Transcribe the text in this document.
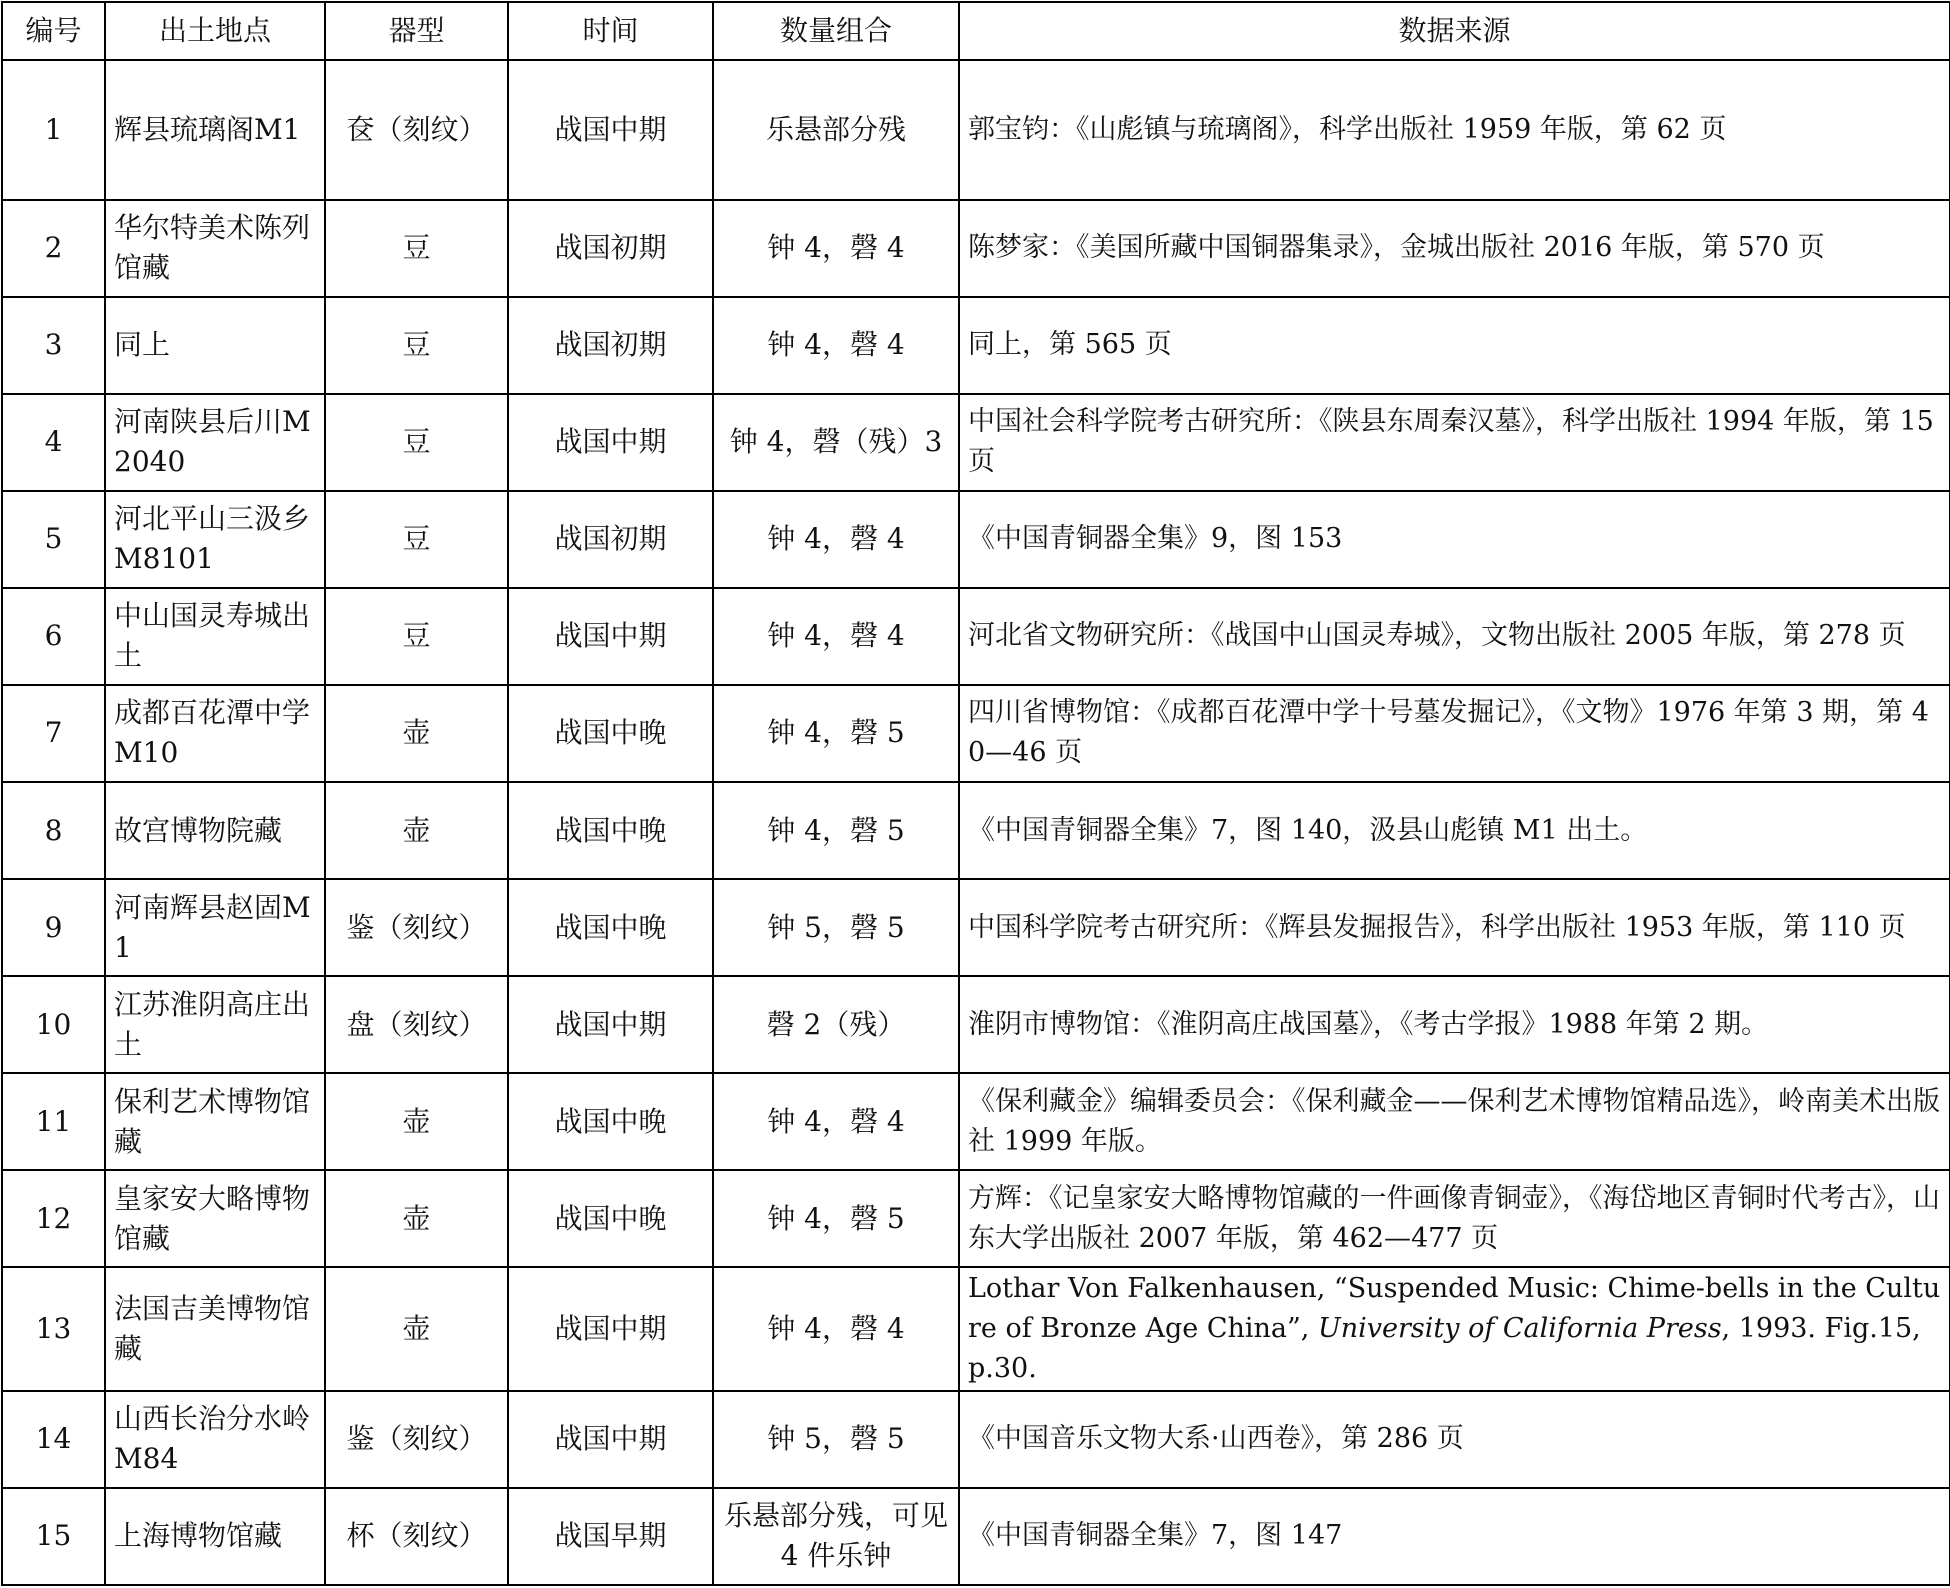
编号	出土地点	器型	时间	数量组合	数据来源
1	辉县琉璃阁M1	奁（刻纹）	战国中期	乐悬部分残	郭宝钧：《山彪镇与琉璃阁》，科学出版社 1959 年版，第 62 页
2	华尔特美术陈列馆藏	豆	战国初期	钟 4，磬 4	陈梦家：《美国所藏中国铜器集录》，金城出版社 2016 年版，第 570 页
3	同上	豆	战国初期	钟 4，磬 4	同上，第 565 页
4	河南陕县后川M2040	豆	战国中期	钟 4，磬（残）3	中国社会科学院考古研究所：《陕县东周秦汉墓》，科学出版社 1994 年版，第 15 页
5	河北平山三汲乡 M8101	豆	战国初期	钟 4，磬 4	《中国青铜器全集》9，图 153
6	中山国灵寿城出土	豆	战国中期	钟 4，磬 4	河北省文物研究所：《战国中山国灵寿城》，文物出版社 2005 年版，第 278 页
7	成都百花潭中学 M10	壶	战国中晚	钟 4，磬 5	四川省博物馆：《成都百花潭中学十号墓发掘记》，《文物》1976 年第 3 期，第 40—46 页
8	故宫博物院藏	壶	战国中晚	钟 4，磬 5	《中国青铜器全集》7，图 140，汲县山彪镇 M1 出土。
9	河南辉县赵固M1	鉴（刻纹）	战国中晚	钟 5，磬 5	中国科学院考古研究所：《辉县发掘报告》，科学出版社 1953 年版，第 110 页
10	江苏淮阴高庄出土	盘（刻纹）	战国中期	磬 2（残）	淮阴市博物馆：《淮阴高庄战国墓》，《考古学报》1988 年第 2 期。
11	保利艺术博物馆藏	壶	战国中晚	钟 4，磬 4	《保利藏金》编辑委员会：《保利藏金——保利艺术博物馆精品选》，岭南美术出版社 1999 年版。
12	皇家安大略博物馆藏	壶	战国中晚	钟 4，磬 5	方辉：《记皇家安大略博物馆藏的一件画像青铜壶》，《海岱地区青铜时代考古》，山东大学出版社 2007 年版，第 462—477 页
13	法国吉美博物馆藏	壶	战国中期	钟 4，磬 4	Lothar Von Falkenhausen, “Suspended Music: Chime-bells in the Culture of Bronze Age China”, University of California Press, 1993. Fig.15, p.30.
14	山西长治分水岭 M84	鉴（刻纹）	战国中期	钟 5，磬 5	《中国音乐文物大系·山西卷》，第 286 页
15	上海博物馆藏	杯（刻纹）	战国早期	乐悬部分残，可见 4 件乐钟	《中国青铜器全集》7，图 147
